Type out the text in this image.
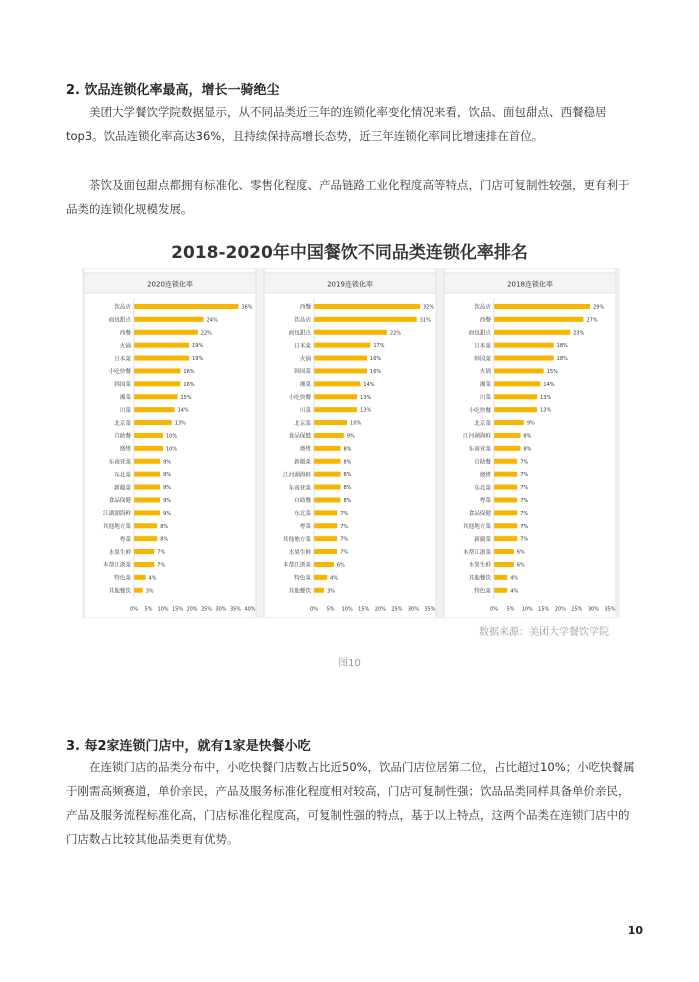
2. 饮品连锁化率最高，增长一骑绝尘
美团大学餐饮学院数据显示，从不同品类近三年的连锁化率变化情况来看，饮品、面包甜点、西餐稳居top3。饮品连锁化率高达36%，且持续保持高增长态势，近三年连锁化率同比增速排在首位。
茶饮及面包甜点都拥有标准化、零售化程度、产品链路工业化程度高等特点，门店可复制性较强，更有利于品类的连锁化规模发展。
2018-2020年中国餐饮不同品类连锁化率排名
2020连锁化率
饮品店	36%
面包甜点	24%
西餐	22%
火锅	19%
日本菜	19%
小吃快餐	16%
韩国菜	16%
湘菜	15%
川菜	14%
北京菜	13%
自助餐	10%
烧烤	10%
东南亚菜	9%
东北菜	9%
新疆菜	9%
食品保健	9%
江湖湖海鲜	9%
其他地方菜	8%
粤菜	8%
水果生鲜	7%
本帮江浙菜	7%
特色菜	4%
其他餐饮	3%
0% 5% 10% 15% 20% 25% 30% 35% 40%
2019连锁化率
西餐	32%
饮品店	31%
面包甜点	22%
日本菜	17%
火锅	16%
韩国菜	16%
湘菜	14%
小吃快餐	13%
川菜	13%
北京菜	10%
食品保健	9%
烧烤	8%
新疆菜	8%
江河湖海鲜	8%
东南亚菜	8%
自助餐	8%
东北菜	7%
粤菜	7%
其他地方菜	7%
水果生鲜	7%
本帮江浙菜	6%
特色菜	4%
其他餐饮	3%
0% 5% 10% 15% 20% 25% 30% 35%
2018连锁化率
饮品店	29%
西餐	27%
面包甜点	23%
日本菜	18%
韩国菜	18%
火锅	15%
湘菜	14%
川菜	13%
小吃快餐	13%
北京菜	9%
江河湖海鲜	8%
东南亚菜	8%
自助餐	7%
烧烤	7%
东北菜	7%
粤菜	7%
食品保健	7%
其他地方菜	7%
新疆菜	7%
本帮江浙菜	6%
水果生鲜	6%
其他餐饮	4%
特色菜	4%
0% 5% 10% 15% 20% 25% 30% 35%
数据来源：美团大学餐饮学院
图10
3. 每2家连锁门店中，就有1家是快餐小吃
在连锁门店的品类分布中，小吃快餐门店数占比近50%，饮品门店位居第二位，占比超过10%；小吃快餐属于刚需高频赛道，单价亲民，产品及服务标准化程度相对较高，门店可复制性强；饮品品类同样具备单价亲民，产品及服务流程标准化高，门店标准化程度高，可复制性强的特点，基于以上特点，这两个品类在连锁门店中的门店数占比较其他品类更有优势。
10
